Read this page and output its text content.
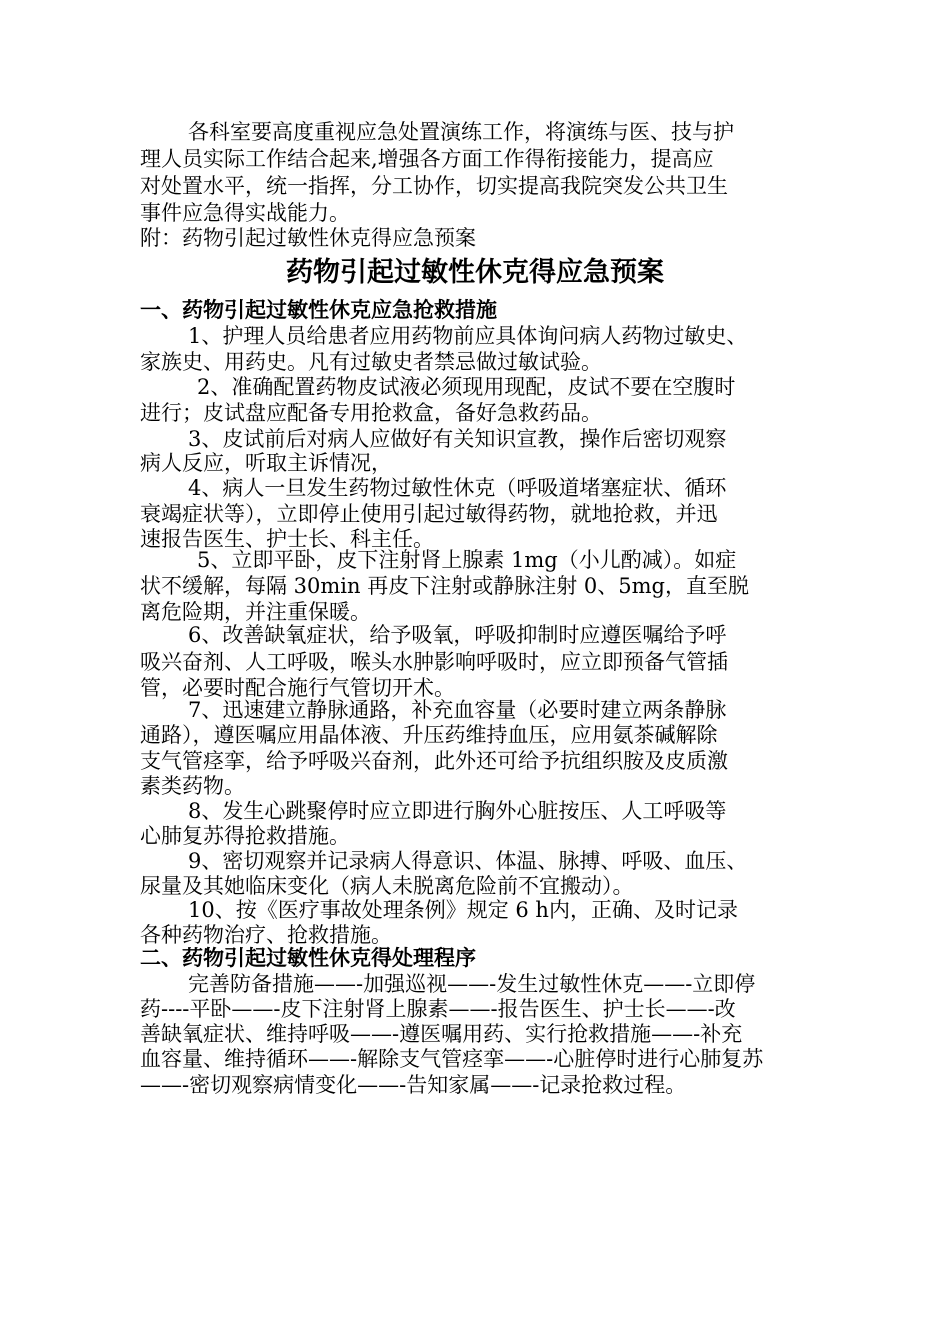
各科室要高度重视应急处置演练工作，将演练与医、技与护

理人员实际工作结合起来,增强各方面工作得衔接能力，提高应

对处置水平，统一指挥，分工协作，切实提高我院突发公共卫生

事件应急得实战能力。

附：药物引起过敏性休克得应急预案

药物引起过敏性休克得应急预案
一、药物引起过敏性休克应急抢救措施

1、护理人员给患者应用药物前应具体询问病人药物过敏史、

家族史、用药史。凡有过敏史者禁忌做过敏试验。

2、准确配置药物皮试液必须现用现配，皮试不要在空腹时

进行；皮试盘应配备专用抢救盒，备好急救药品。

3、皮试前后对病人应做好有关知识宣教，操作后密切观察

病人反应，听取主诉情况，

4、病人一旦发生药物过敏性休克（呼吸道堵塞症状、循环

衰竭症状等），立即停止使用引起过敏得药物，就地抢救，并迅

速报告医生、护士长、科主任。

5、立即平卧，皮下注射肾上腺素 1mg（小儿酌减）。如症

状不缓解，每隔 30min 再皮下注射或静脉注射 0、5mg，直至脱

离危险期，并注重保暖。

6、改善缺氧症状，给予吸氧，呼吸抑制时应遵医嘱给予呼

吸兴奋剂、人工呼吸，喉头水肿影响呼吸时，应立即预备气管插

管，必要时配合施行气管切开术。

7、迅速建立静脉通路，补充血容量（必要时建立两条静脉

通路），遵医嘱应用晶体液、升压药维持血压，应用氨茶碱解除

支气管痉挛，给予呼吸兴奋剂，此外还可给予抗组织胺及皮质激

素类药物。

8、发生心跳聚停时应立即进行胸外心脏按压、人工呼吸等

心肺复苏得抢救措施。

9、密切观察并记录病人得意识、体温、脉搏、呼吸、血压、

尿量及其她临床变化（病人未脱离危险前不宜搬动）。

10、按《医疗事故处理条例》规定 6 h内，正确、及时记录

各种药物治疗、抢救措施。

二、药物引起过敏性休克得处理程序

完善防备措施——-加强巡视——-发生过敏性休克——-立即停

药----平卧——-皮下注射肾上腺素——-报告医生、护士长——-改

善缺氧症状、维持呼吸——-遵医嘱用药、实行抢救措施——-补充

血容量、维持循环——-解除支气管痉挛——-心脏停时进行心肺复苏

——-密切观察病情变化——-告知家属——-记录抢救过程。
